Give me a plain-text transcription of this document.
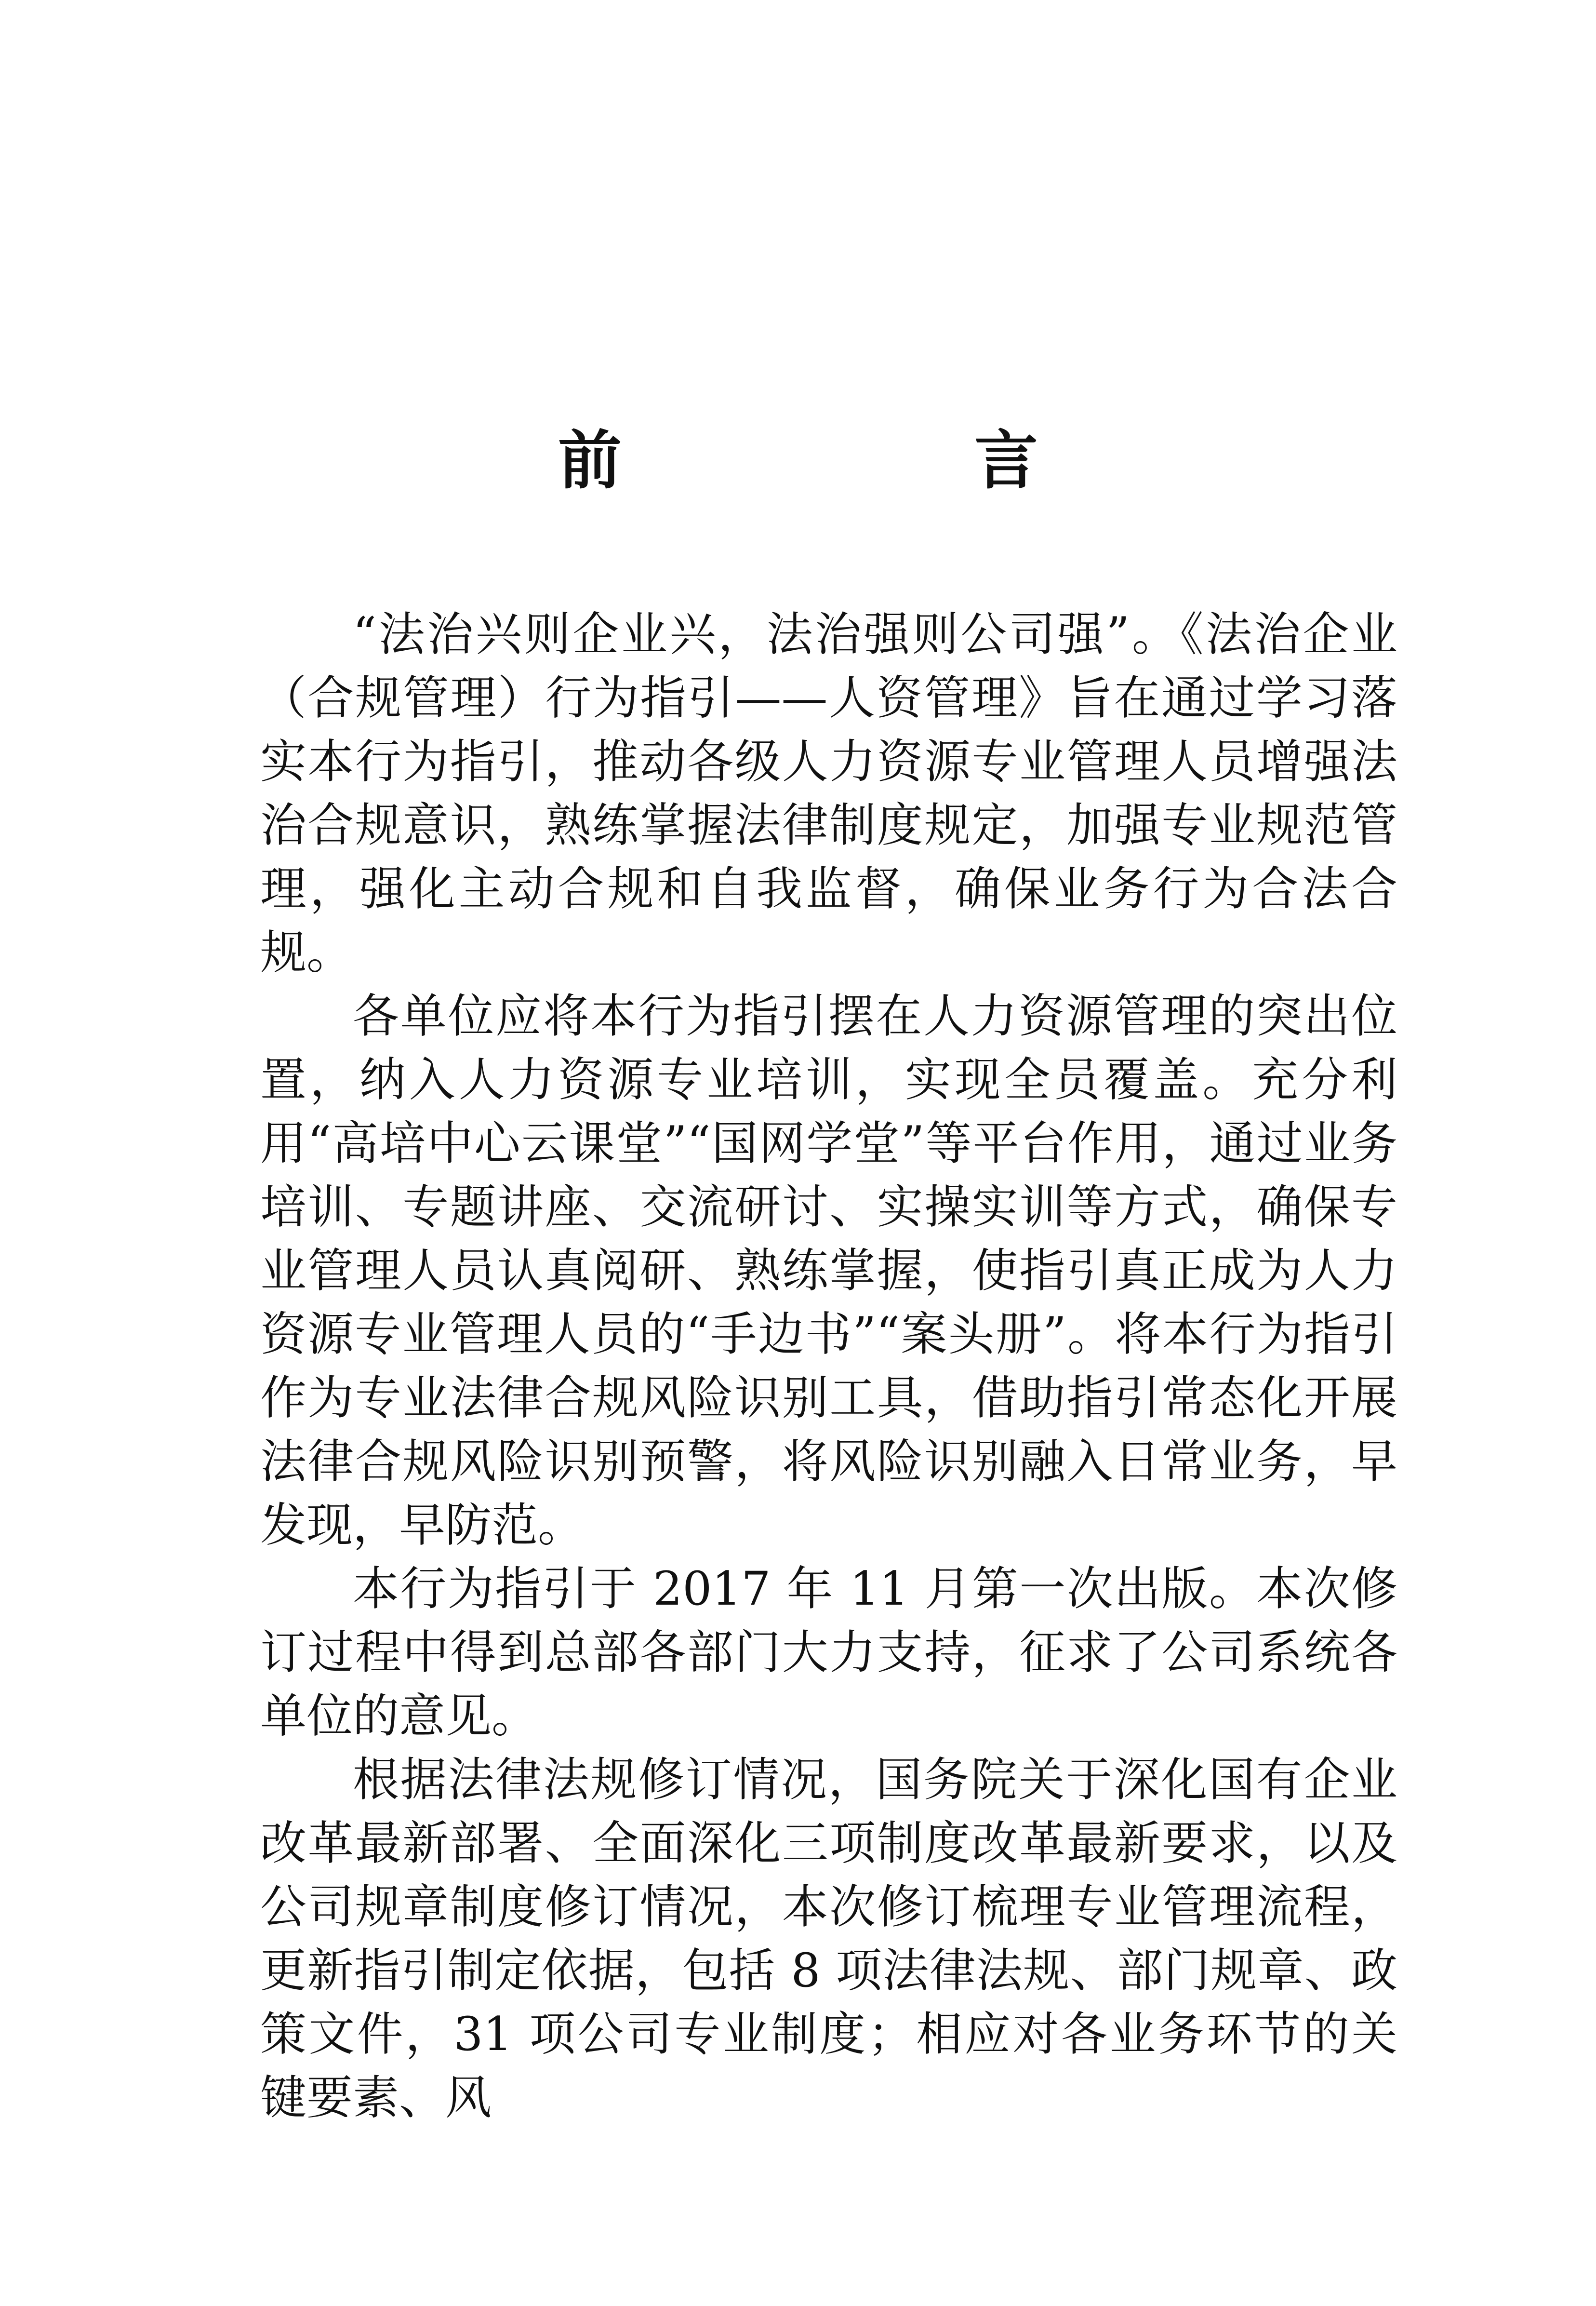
前　言

“法治兴则企业兴，法治强则公司强”。《法治企业（合规管理）行为指引——人资管理》旨在通过学习落实本行为指引，推动各级人力资源专业管理人员增强法治合规意识，熟练掌握法律制度规定，加强专业规范管理，强化主动合规和自我监督，确保业务行为合法合规。

各单位应将本行为指引摆在人力资源管理的突出位置，纳入人力资源专业培训，实现全员覆盖。充分利用“高培中心云课堂”“国网学堂”等平台作用，通过业务培训、专题讲座、交流研讨、实操实训等方式，确保专业管理人员认真阅研、熟练掌握，使指引真正成为人力资源专业管理人员的“手边书”“案头册”。将本行为指引作为专业法律合规风险识别工具，借助指引常态化开展法律合规风险识别预警，将风险识别融入日常业务，早发现，早防范。

本行为指引于 2017 年 11 月第一次出版。本次修订过程中得到总部各部门大力支持，征求了公司系统各单位的意见。

根据法律法规修订情况，国务院关于深化国有企业改革最新部署、全面深化三项制度改革最新要求，以及公司规章制度修订情况，本次修订梳理专业管理流程，更新指引制定依据，包括 8 项法律法规、部门规章、政策文件，31 项公司专业制度；相应对各业务环节的关键要素、风
